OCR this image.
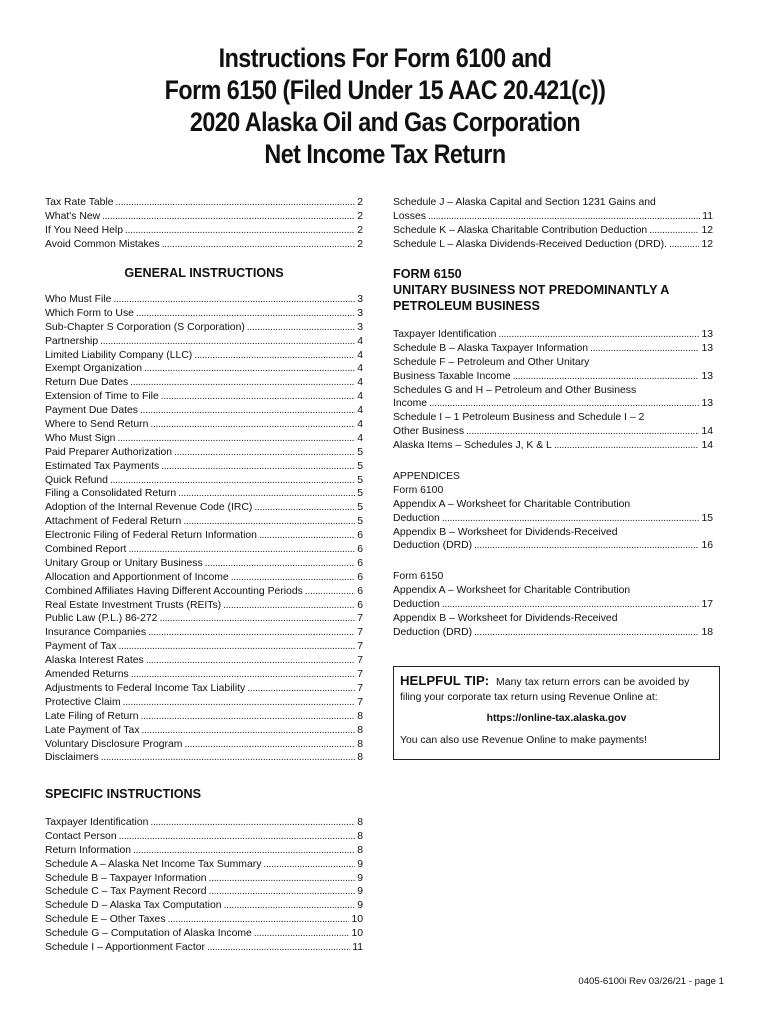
Instructions For Form 6100 and
Form 6150 (Filed Under 15 AAC 20.421(c))
2020 Alaska Oil and Gas Corporation
Net Income Tax Return
Tax Rate Table . . .	2
What's New . . .	2
If You Need Help . . .	2
Avoid Common Mistakes . . .	2
GENERAL INSTRUCTIONS
Who Must File . . .	3
Which Form to Use . . .	3
Sub-Chapter S Corporation (S Corporation) . . .	3
Partnership . . .	4
Limited Liability Company (LLC) . . .	4
Exempt Organization . . .	4
Return Due Dates . . .	4
Extension of Time to File . . .	4
Payment Due Dates . . .	4
Where to Send Return . . .	4
Who Must Sign . . .	4
Paid Preparer Authorization . . .	5
Estimated Tax Payments . . .	5
Quick Refund . . .	5
Filing a Consolidated Return . . .	5
Adoption of the Internal Revenue Code (IRC) . . .	5
Attachment of Federal Return . . .	5
Electronic Filing of Federal Return Information . . .	6
Combined Report . . .	6
Unitary Group or Unitary Business . . .	6
Allocation and Apportionment of Income . . .	6
Combined Affiliates Having Different Accounting Periods . . .	6
Real Estate Investment Trusts (REITs) . . .	6
Public Law (P.L.) 86-272 . . .	7
Insurance Companies . . .	7
Payment of Tax . . .	7
Alaska Interest Rates . . .	7
Amended Returns . . .	7
Adjustments to Federal Income Tax Liability . . .	7
Protective Claim . . .	7
Late Filing of Return . . .	8
Late Payment of Tax . . .	8
Voluntary Disclosure Program . . .	8
Disclaimers . . .	8
SPECIFIC INSTRUCTIONS
Taxpayer Identification . . .	8
Contact Person . . .	8
Return Information . . .	8
Schedule A – Alaska Net Income Tax Summary . . .	9
Schedule B – Taxpayer Information . . .	9
Schedule C – Tax Payment Record . . .	9
Schedule D – Alaska Tax Computation . . .	9
Schedule E – Other Taxes . . .	10
Schedule G – Computation of Alaska Income . . .	10
Schedule I – Apportionment Factor . . .	11
Schedule J – Alaska Capital and Section 1231 Gains and
Losses . . .	11
Schedule K – Alaska Charitable Contribution Deduction . . .	12
Schedule L – Alaska Dividends-Received Deduction (DRD). . . .	12
FORM 6150
UNITARY BUSINESS NOT PREDOMINANTLY A
PETROLEUM BUSINESS
Taxpayer Identification . . .	13
Schedule B – Alaska Taxpayer Information . . .	13
Schedule F – Petroleum and Other Unitary
Business Taxable Income . . .	13
Schedules G and H – Petroleum and Other Business
Income . . .	13
Schedule I – 1 Petroleum Business and Schedule I – 2
Other Business . . .	14
Alaska Items – Schedules J, K & L . . .	14
APPENDICES
Form 6100
Appendix A – Worksheet for Charitable Contribution
Deduction . . .	15
Appendix B – Worksheet for Dividends-Received
Deduction (DRD) . . .	16
Form 6150
Appendix A – Worksheet for Charitable Contribution
Deduction . . .	17
Appendix B – Worksheet for Dividends-Received
Deduction (DRD) . . .	18
HELPFUL TIP: Many tax return errors can be avoided by
filing your corporate tax return using Revenue Online at:
https://online-tax.alaska.gov
You can also use Revenue Online to make payments!
0405-6100i Rev 03/26/21 - page 1
